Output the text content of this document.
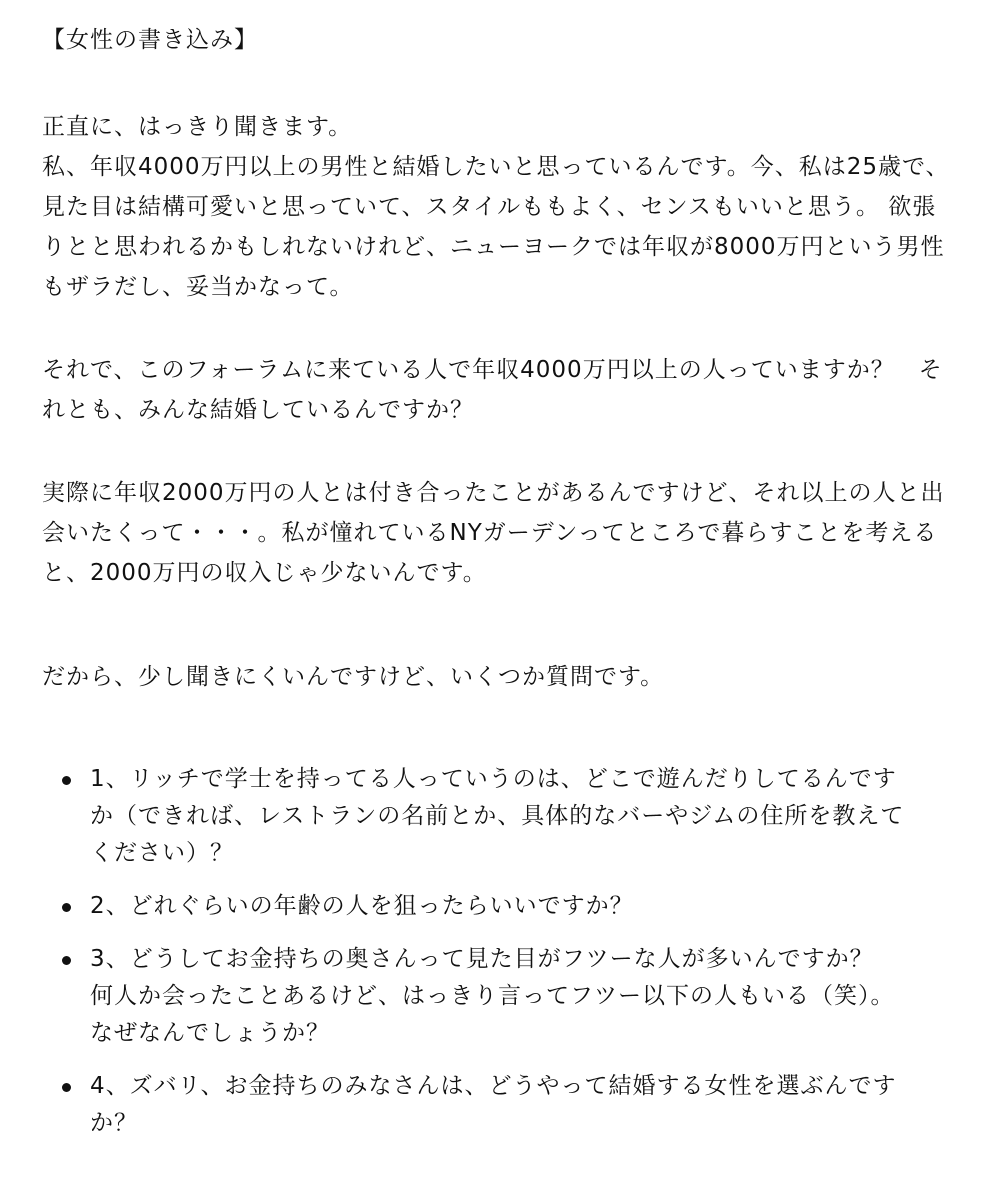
【女性の書き込み】

正直に、はっきり聞きます。
私、年収4000万円以上の男性と結婚したいと思っているんです。今、私は25歳で、
見た目は結構可愛いと思っていて、スタイルももよく、センスもいいと思う。 欲張
りとと思われるかもしれないけれど、ニューヨークでは年収が8000万円という男性
もザラだし、妥当かなって。

それで、このフォーラムに来ている人で年収4000万円以上の人っていますか？　そ
れとも、みんな結婚しているんですか？

実際に年収2000万円の人とは付き合ったことがあるんですけど、それ以上の人と出
会いたくって・・・。私が憧れているNYガーデンってところで暮らすことを考える
と、2000万円の収入じゃ少ないんです。

だから、少し聞きにくいんですけど、いくつか質問です。

1、リッチで学士を持ってる人っていうのは、どこで遊んだりしてるんです
か（できれば、レストランの名前とか、具体的なバーやジムの住所を教えて
ください）？
2、どれぐらいの年齢の人を狙ったらいいですか？
3、どうしてお金持ちの奥さんって見た目がフツーな人が多いんですか？
何人か会ったことあるけど、はっきり言ってフツー以下の人もいる（笑）。
なぜなんでしょうか？
4、ズバリ、お金持ちのみなさんは、どうやって結婚する女性を選ぶんです
か？
